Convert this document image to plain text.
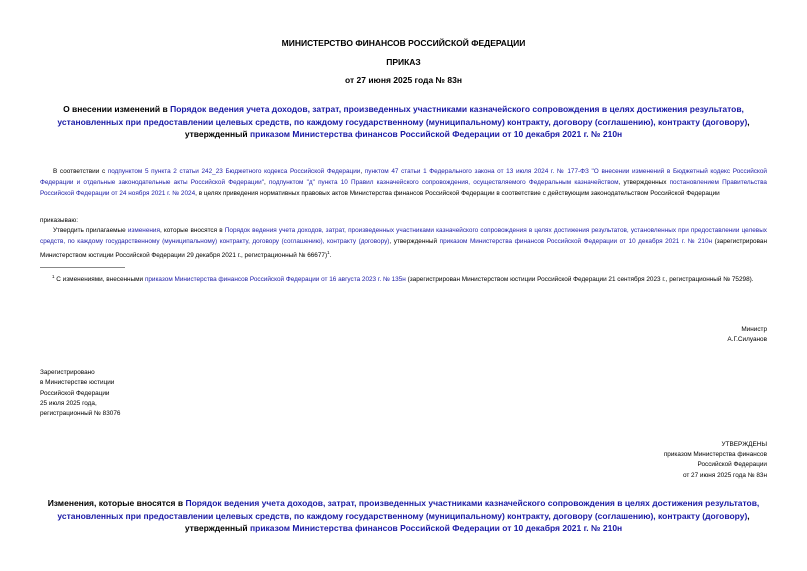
МИНИСТЕРСТВО ФИНАНСОВ РОССИЙСКОЙ ФЕДЕРАЦИИ
ПРИКАЗ
от 27 июня 2025 года № 83н
О внесении изменений в Порядок ведения учета доходов, затрат, произведенных участниками казначейского сопровождения в целях достижения результатов, установленных при предоставлении целевых средств, по каждому государственному (муниципальному) контракту, договору (соглашению), контракту (договору), утвержденный приказом Министерства финансов Российской Федерации от 10 декабря 2021 г. № 210н
В соответствии с подпунктом 5 пункта 2 статьи 242_23 Бюджетного кодекса Российской Федерации, пунктом 47 статьи 1 Федерального закона от 13 июля 2024 г. № 177-ФЗ "О внесении изменений в Бюджетный кодекс Российской Федерации и отдельные законодательные акты Российской Федерации", подпунктом "д" пункта 10 Правил казначейского сопровождения, осуществляемого Федеральным казначейством, утвержденных постановлением Правительства Российской Федерации от 24 ноября 2021 г. № 2024, в целях приведения нормативных правовых актов Министерства финансов Российской Федерации в соответствие с действующим законодательством Российской Федерации
приказываю:
Утвердить прилагаемые изменения, которые вносятся в Порядок ведения учета доходов, затрат, произведенных участниками казначейского сопровождения в целях достижения результатов, установленных при предоставлении целевых средств, по каждому государственному (муниципальному) контракту, договору (соглашению), контракту (договору), утвержденный приказом Министерства финансов Российской Федерации от 10 декабря 2021 г. № 210н (зарегистрирован Министерством юстиции Российской Федерации 29 декабря 2021 г., регистрационный № 66677)$^1$.
$^1$ С изменениями, внесенными приказом Министерства финансов Российской Федерации от 16 августа 2023 г. № 135н (зарегистрирован Министерством юстиции Российской Федерации 21 сентября 2023 г., регистрационный № 75298).
Министр
А.Г.Силуанов
Зарегистрировано
в Министерстве юстиции
Российской Федерации
25 июля 2025 года,
регистрационный № 83076
УТВЕРЖДЕНЫ
приказом Министерства финансов
Российской Федерации
от 27 июня 2025 года № 83н
Изменения, которые вносятся в Порядок ведения учета доходов, затрат, произведенных участниками казначейского сопровождения в целях достижения результатов, установленных при предоставлении целевых средств, по каждому государственному (муниципальному) контракту, договору (соглашению), контракту (договору), утвержденный приказом Министерства финансов Российской Федерации от 10 декабря 2021 г. № 210н
